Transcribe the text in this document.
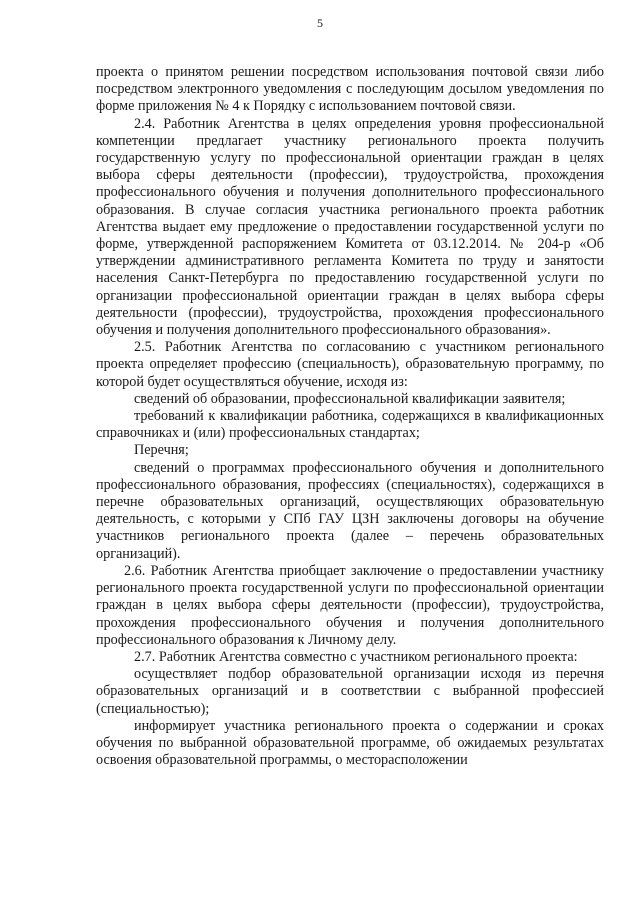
5

проекта о принятом решении посредством использования почтовой связи либо посредством электронного уведомления с последующим досылом уведомления по форме приложения № 4 к Порядку с использованием почтовой связи.

2.4. Работник Агентства в целях определения уровня профессиональной компетенции предлагает участнику регионального проекта получить государственную услугу по профессиональной ориентации граждан в целях выбора сферы деятельности (профессии), трудоустройства, прохождения профессионального обучения и получения дополнительного профессионального образования. В случае согласия участника регионального проекта работник Агентства выдает ему предложение о предоставлении государственной услуги по форме, утвержденной распоряжением Комитета от 03.12.2014. № 204-р «Об утверждении административного регламента Комитета по труду и занятости населения Санкт-Петербурга по предоставлению государственной услуги по организации профессиональной ориентации граждан в целях выбора сферы деятельности (профессии), трудоустройства, прохождения профессионального обучения и получения дополнительного профессионального образования».

2.5. Работник Агентства по согласованию с участником регионального проекта определяет профессию (специальность), образовательную программу, по которой будет осуществляться обучение, исходя из:

сведений об образовании, профессиональной квалификации заявителя;

требований к квалификации работника, содержащихся в квалификационных справочниках и (или) профессиональных стандартах;

Перечня;

сведений о программах профессионального обучения и дополнительного профессионального образования, профессиях (специальностях), содержащихся в перечне образовательных организаций, осуществляющих образовательную деятельность, с которыми у СПб ГАУ ЦЗН заключены договоры на обучение участников регионального проекта (далее – перечень образовательных организаций).

2.6. Работник Агентства приобщает заключение о предоставлении участнику регионального проекта государственной услуги по профессиональной ориентации граждан в целях выбора сферы деятельности (профессии), трудоустройства, прохождения профессионального обучения и получения дополнительного профессионального образования к Личному делу.

2.7. Работник Агентства совместно с участником регионального проекта:

осуществляет подбор образовательной организации исходя из перечня образовательных организаций и в соответствии с выбранной профессией (специальностью);

информирует участника регионального проекта о содержании и сроках обучения по выбранной образовательной программе, об ожидаемых результатах освоения образовательной программы, о месторасположении
